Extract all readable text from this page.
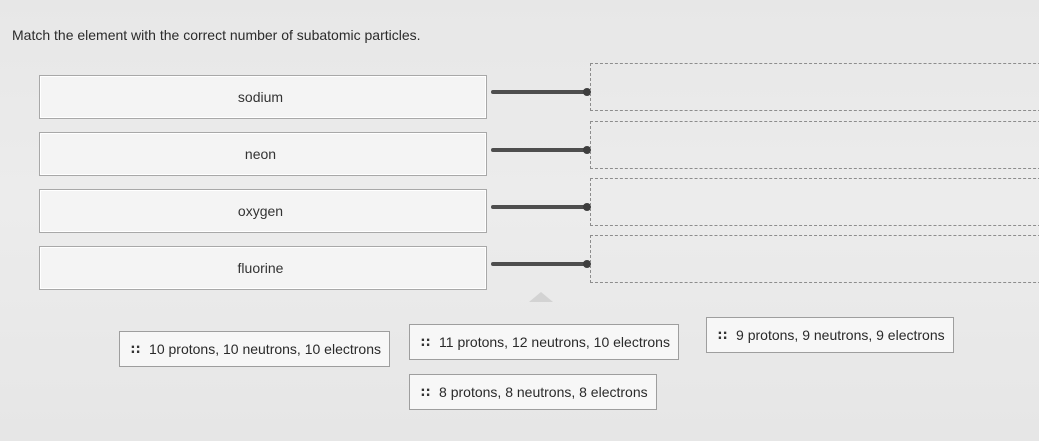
Match the element with the correct number of subatomic particles.
sodium
neon
oxygen
fluorine
∷ 10 protons, 10 neutrons, 10 electrons	∷ 11 protons, 12 neutrons, 10 electrons	∷ 9 protons, 9 neutrons, 9 electrons
∷ 8 protons, 8 neutrons, 8 electrons
